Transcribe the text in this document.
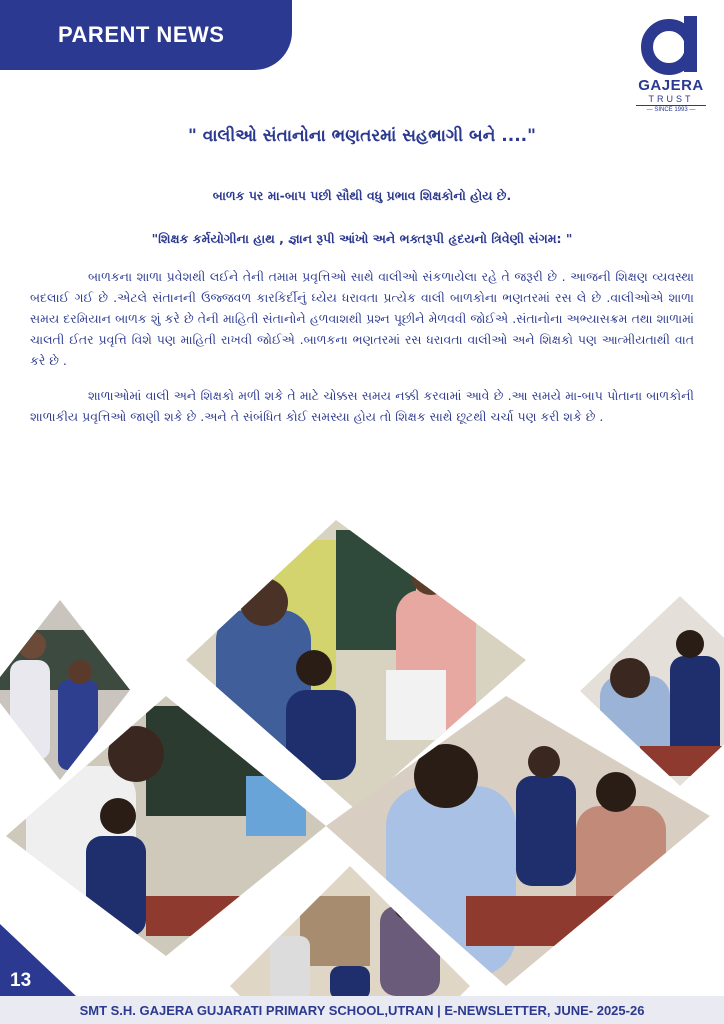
PARENT NEWS
GAJERA
TRUST
— SINCE 1993 —
" વાલીઓ સંતાનોના ભણતરમાં સહભાગી બને ...."
બાળક પર મા-બાપ પછી સૌથી વધુ પ્રભાવ શિક્ષકોનો હોય છે.
"શિક્ષક કર્મયોગીના હાથ , જ્ઞાન રૂપી આંખો અને ભક્તરૂપી હૃદયનો ત્રિવેણી સંગમ: "
બાળકના શાળા પ્રવેશથી લઈને તેની તમામ પ્રવૃત્તિઓ સાથે વાલીઓ સંકળાયેલા રહે તે જરૂરી છે . આજની શિક્ષણ વ્યવસ્થા બદલાઈ ગઈ છે .એટલે સંતાનની ઉજ્જવળ કારકિર્દીનું ધ્યેય ધરાવતા પ્રત્યેક વાલી બાળકોના ભણતરમાં રસ લે છે .વાલીઓએ શાળા સમય દરમિયાન બાળક શું કરે છે તેની માહિતી સંતાનોને હળવાશથી પ્રશ્ન પૂછીને મેળવવી જોઈએ .સંતાનોના અભ્યાસક્રમ તથા શાળામાં ચાલતી ઈતર પ્રવૃત્તિ વિશે પણ માહિતી રાખવી જોઈએ .બાળકના ભણતરમાં રસ ધરાવતા વાલીઓ અને શિક્ષકો પણ આત્મીયતાથી વાત કરે છે .
શાળાઓમાં વાલી અને શિક્ષકો મળી શકે તે માટે ચોક્કસ સમય નક્કી કરવામાં આવે છે .આ સમયે મા-બાપ પોતાના બાળકોની શાળાકીય પ્રવૃત્તિઓ જાણી શકે છે .અને તે સંબંધિત કોઈ સમસ્યા હોય તો શિક્ષક સાથે છૂટથી ચર્ચા પણ કરી શકે છે .
13
SMT S.H. GAJERA GUJARATI PRIMARY SCHOOL,UTRAN | E-NEWSLETTER, JUNE- 2025-26
